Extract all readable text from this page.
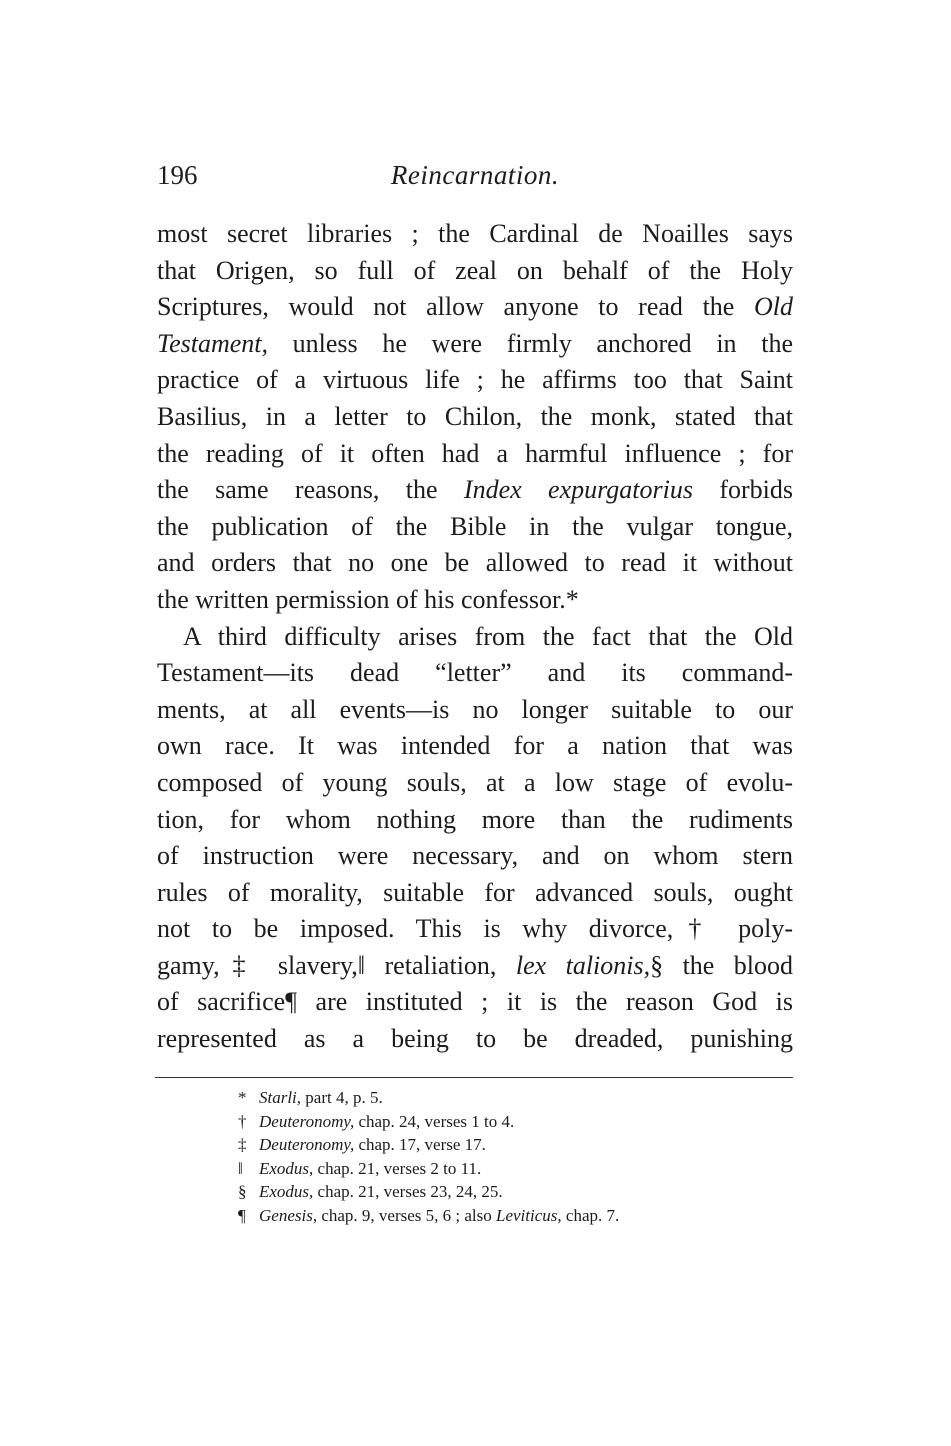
196	Reincarnation.
most secret libraries ; the Cardinal de Noailles says
that Origen, so full of zeal on behalf of the Holy
Scriptures, would not allow anyone to read the Old
Testament, unless he were firmly anchored in the
practice of a virtuous life ; he affirms too that Saint
Basilius, in a letter to Chilon, the monk, stated that
the reading of it often had a harmful influence ; for
the same reasons, the Index expurgatorius forbids
the publication of the Bible in the vulgar tongue,
and orders that no one be allowed to read it without
the written permission of his confessor.*
A third difficulty arises from the fact that the Old
Testament—its dead “letter” and its command-
ments, at all events—is no longer suitable to our
own race. It was intended for a nation that was
composed of young souls, at a low stage of evolu-
tion, for whom nothing more than the rudiments
of instruction were necessary, and on whom stern
rules of morality, suitable for advanced souls, ought
not to be imposed. This is why divorce,† poly-
gamy,‡ slavery,‖ retaliation, lex talionis,§ the blood
of sacrifice¶ are instituted ; it is the reason God is
represented as a being to be dreaded, punishing
* Starli, part 4, p. 5.
† Deuteronomy, chap. 24, verses 1 to 4.
‡ Deuteronomy, chap. 17, verse 17.
‖ Exodus, chap. 21, verses 2 to 11.
§ Exodus, chap. 21, verses 23, 24, 25.
¶ Genesis, chap. 9, verses 5, 6 ; also Leviticus, chap. 7.
